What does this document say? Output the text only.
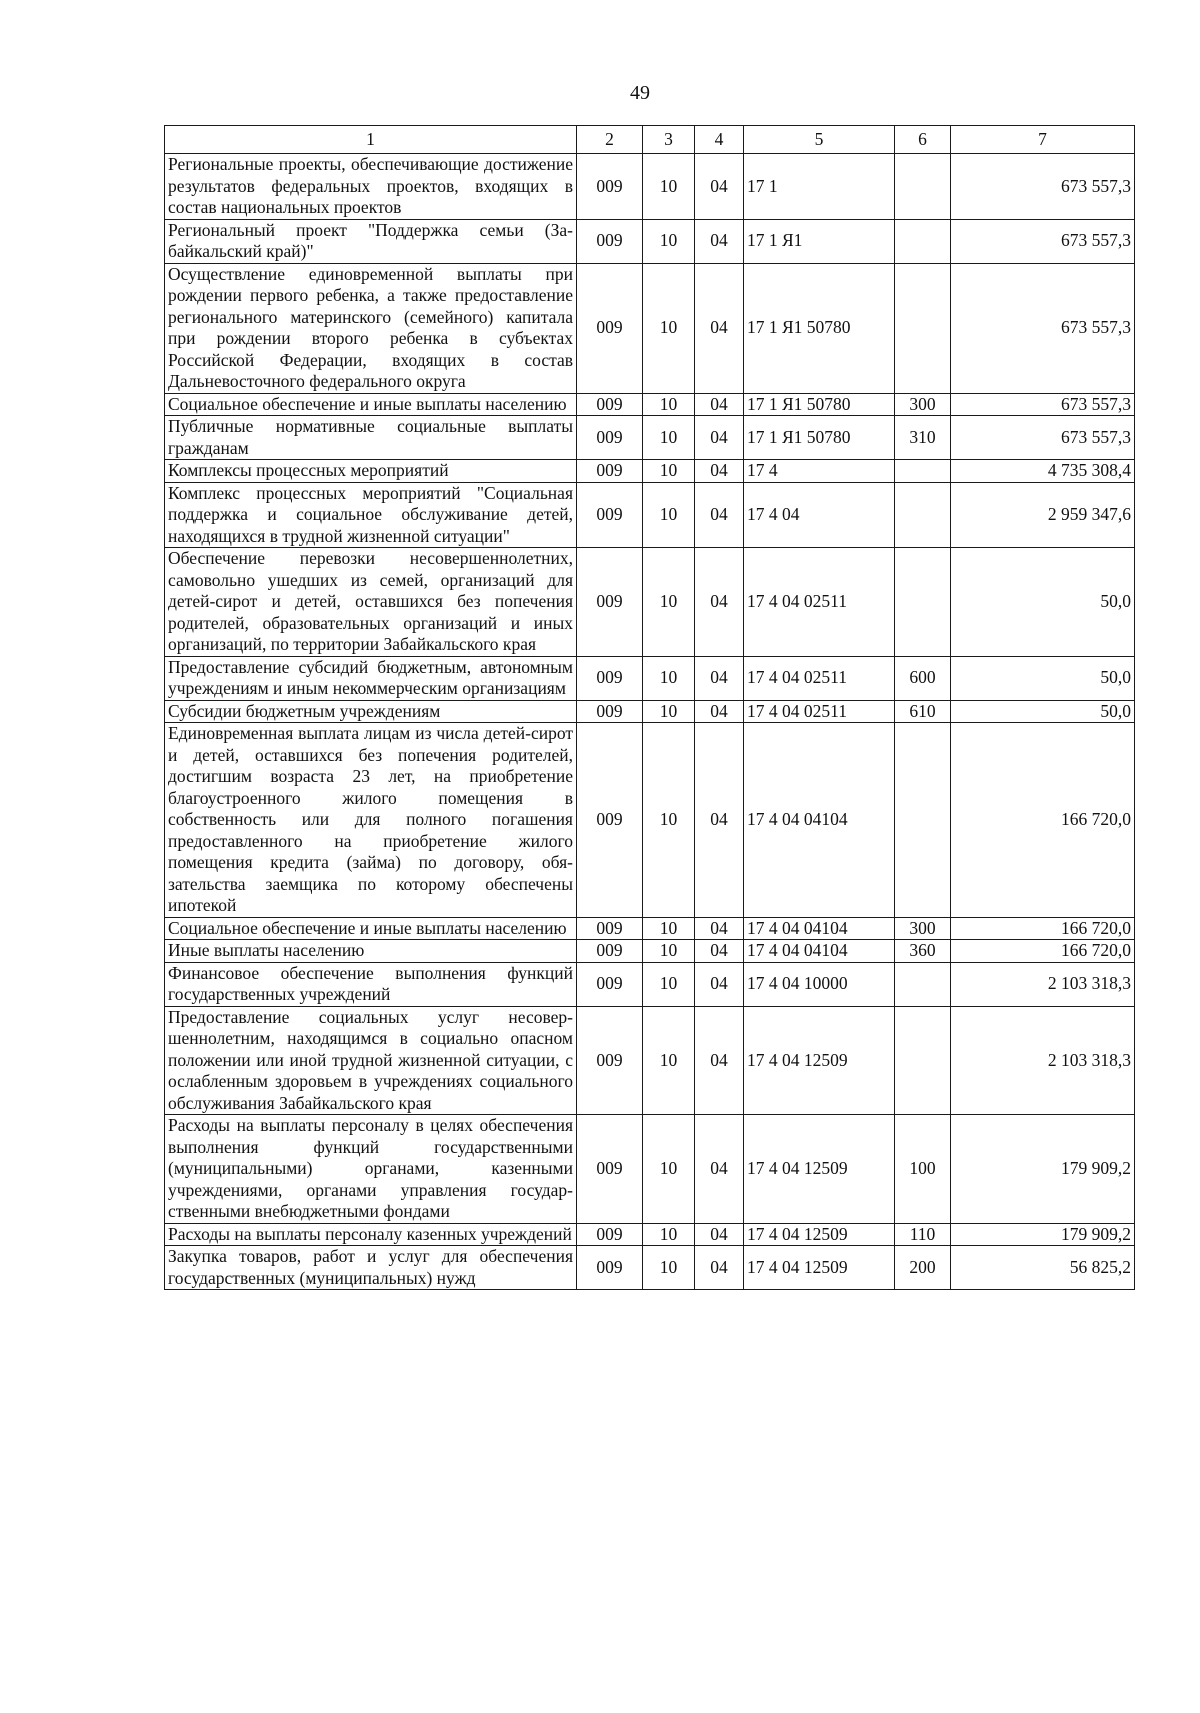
49
1	2	3	4	5	6	7
Региональные проекты, обеспечивающие достижение результатов федеральных проектов, входящих в состав национальных проектов	009	10	04	17 1		673 557,3
Региональный проект "Поддержка семьи (Забайкальский край)"	009	10	04	17 1 Я1		673 557,3
Осуществление единовременной выплаты при рождении первого ребенка, а также предоставление регионального материнского (семейного) капитала при рождении второго ребенка в субъектах Российской Федерации, входящих в состав Дальневосточного федерального округа	009	10	04	17 1 Я1 50780		673 557,3
Социальное обеспечение и иные выплаты населению	009	10	04	17 1 Я1 50780	300	673 557,3
Публичные нормативные социальные выплаты гражданам	009	10	04	17 1 Я1 50780	310	673 557,3
Комплексы процессных мероприятий	009	10	04	17 4		4 735 308,4
Комплекс процессных мероприятий "Социальная поддержка и социальное обслуживание детей, находящихся в трудной жизненной ситуации"	009	10	04	17 4 04		2 959 347,6
Обеспечение перевозки несовершеннолетних, самовольно ушедших из семей, организаций для детей-сирот и детей, оставшихся без попечения родителей, образовательных организаций и иных организаций, по территории Забайкальского края	009	10	04	17 4 04 02511		50,0
Предоставление субсидий бюджетным, автономным учреждениям и иным некоммерческим организациям	009	10	04	17 4 04 02511	600	50,0
Субсидии бюджетным учреждениям	009	10	04	17 4 04 02511	610	50,0
Единовременная выплата лицам из числа детей-сирот и детей, оставшихся без попечения родителей, достигшим возраста 23 лет, на приобретение благоустроенного жилого помещения в собственность или для полного погашения предоставленного на приобретение жилого помещения кредита (займа) по договору, обязательства заемщика по которому обеспечены ипотекой	009	10	04	17 4 04 04104		166 720,0
Социальное обеспечение и иные выплаты населению	009	10	04	17 4 04 04104	300	166 720,0
Иные выплаты населению	009	10	04	17 4 04 04104	360	166 720,0
Финансовое обеспечение выполнения функций государственных учреждений	009	10	04	17 4 04 10000		2 103 318,3
Предоставление социальных услуг несовершеннолетним, находящимся в социально опасном положении или иной трудной жизненной ситуации, с ослабленным здоровьем в учреждениях социального обслуживания Забайкальского края	009	10	04	17 4 04 12509		2 103 318,3
Расходы на выплаты персоналу в целях обеспечения выполнения функций государственными (муниципальными) органами, казенными учреждениями, органами управления государственными внебюджетными фондами	009	10	04	17 4 04 12509	100	179 909,2
Расходы на выплаты персоналу казенных учреждений	009	10	04	17 4 04 12509	110	179 909,2
Закупка товаров, работ и услуг для обеспечения государственных (муниципальных) нужд	009	10	04	17 4 04 12509	200	56 825,2
